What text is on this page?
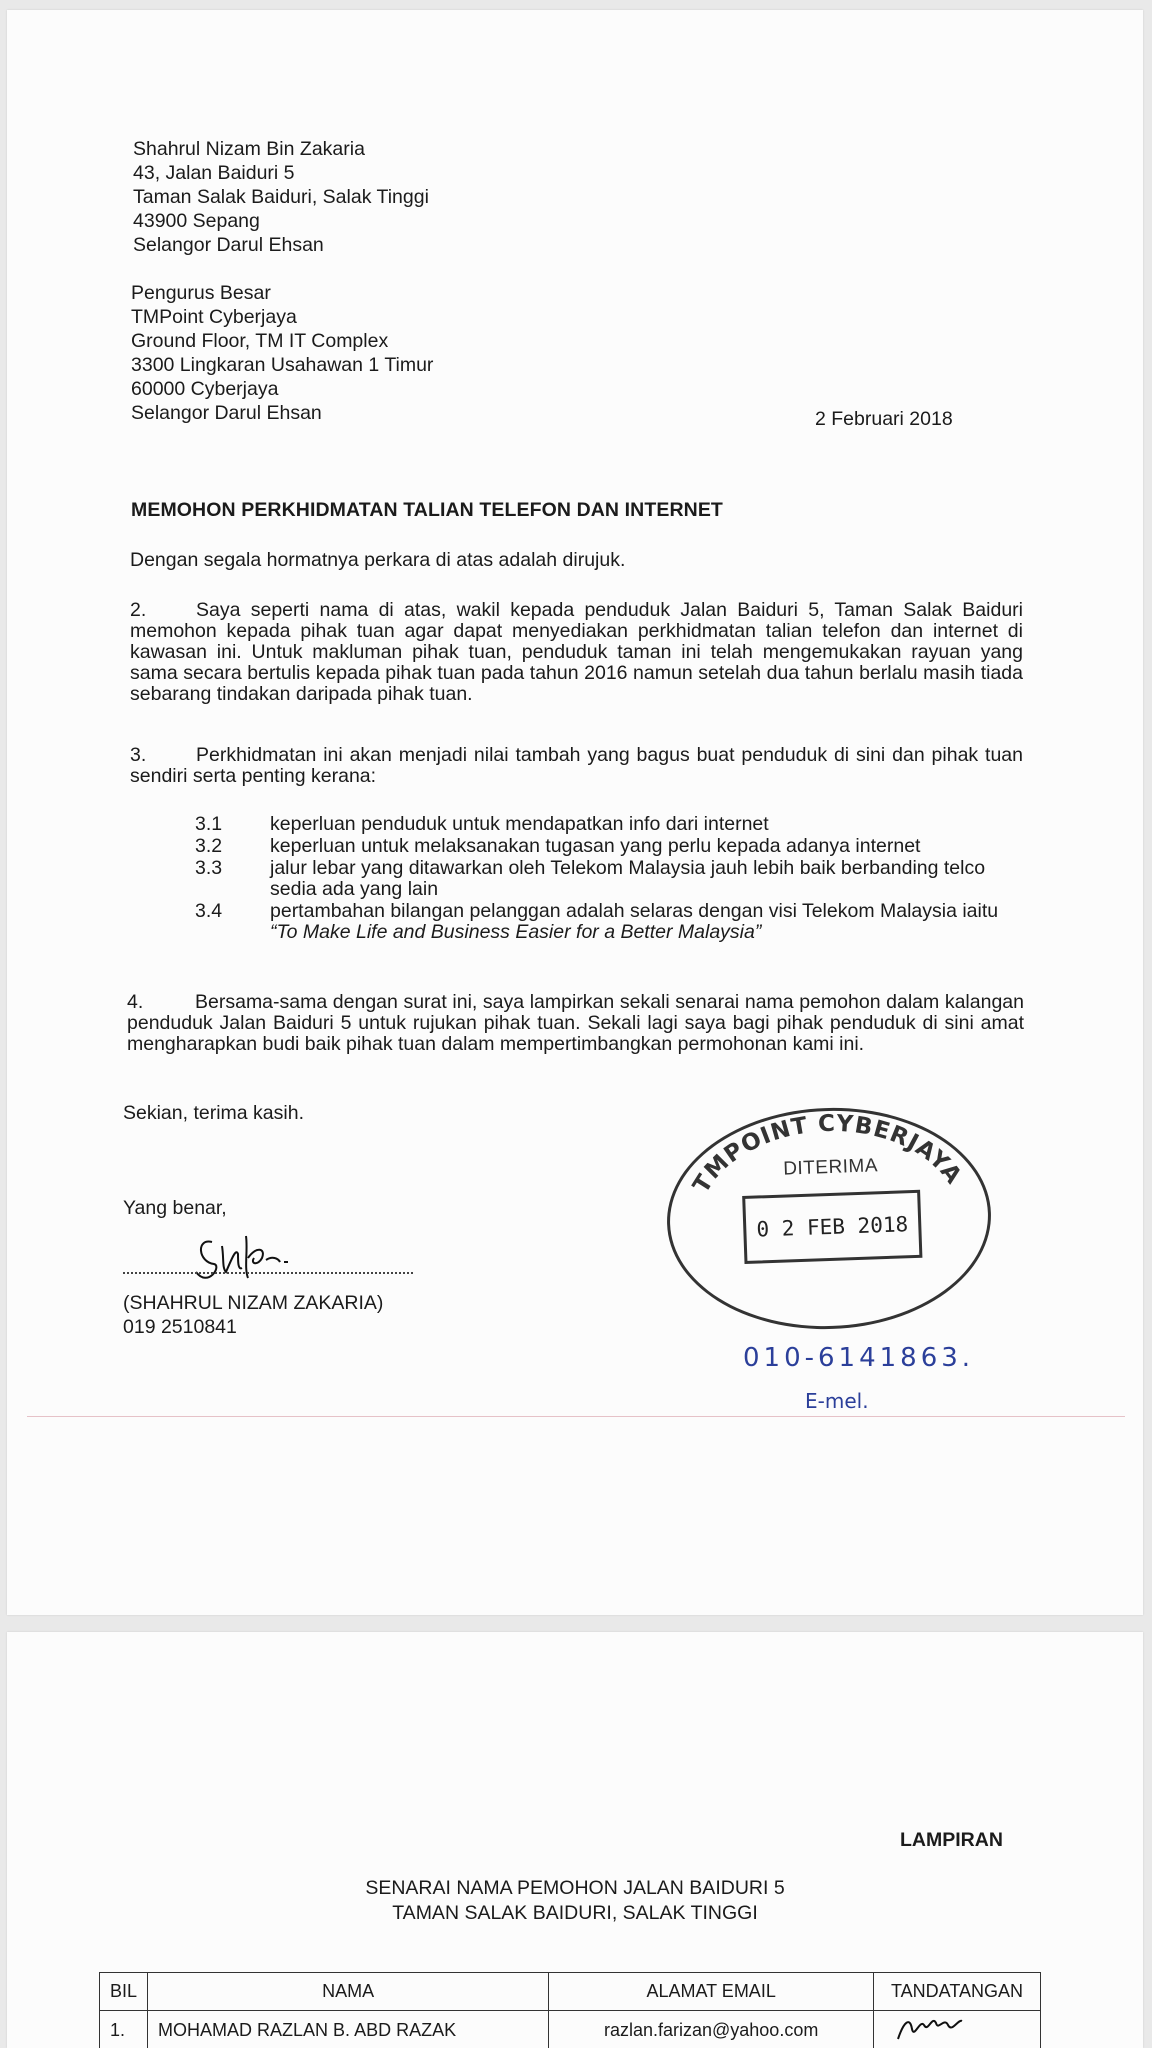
Shahrul Nizam Bin Zakaria
43, Jalan Baiduri 5
Taman Salak Baiduri, Salak Tinggi
43900 Sepang
Selangor Darul Ehsan
Pengurus Besar
TMPoint Cyberjaya
Ground Floor, TM IT Complex
3300 Lingkaran Usahawan 1 Timur
60000 Cyberjaya
Selangor Darul Ehsan	2 Februari 2018
MEMOHON PERKHIDMATAN TALIAN TELEFON DAN INTERNET
Dengan segala hormatnya perkara di atas adalah dirujuk.
2.	Saya seperti nama di atas, wakil kepada penduduk Jalan Baiduri 5, Taman Salak Baiduri memohon kepada pihak tuan agar dapat menyediakan perkhidmatan talian telefon dan internet di kawasan ini. Untuk makluman pihak tuan, penduduk taman ini telah mengemukakan rayuan yang sama secara bertulis kepada pihak tuan pada tahun 2016 namun setelah dua tahun berlalu masih tiada sebarang tindakan daripada pihak tuan.
3.	Perkhidmatan ini akan menjadi nilai tambah yang bagus buat penduduk di sini dan pihak tuan sendiri serta penting kerana:
3.1	keperluan penduduk untuk mendapatkan info dari internet
3.2	keperluan untuk melaksanakan tugasan yang perlu kepada adanya internet
3.3	jalur lebar yang ditawarkan oleh Telekom Malaysia jauh lebih baik berbanding telco sedia ada yang lain
3.4	pertambahan bilangan pelanggan adalah selaras dengan visi Telekom Malaysia iaitu “To Make Life and Business Easier for a Better Malaysia”
4.	Bersama-sama dengan surat ini, saya lampirkan sekali senarai nama pemohon dalam kalangan penduduk Jalan Baiduri 5 untuk rujukan pihak tuan. Sekali lagi saya bagi pihak penduduk di sini amat mengharapkan budi baik pihak tuan dalam mempertimbangkan permohonan kami ini.
Sekian, terima kasih.
Yang benar,
(SHAHRUL NIZAM ZAKARIA)
019 2510841
TMPOINT CYBERJAYA
DITERIMA
0 2 FEB 2018
010-6141863.
E-mel.
LAMPIRAN
SENARAI NAMA PEMOHON JALAN BAIDURI 5
TAMAN SALAK BAIDURI, SALAK TINGGI
BIL	NAMA	ALAMAT EMAIL	TANDATANGAN
1.	MOHAMAD RAZLAN B. ABD RAZAK	razlan.farizan@yahoo.com	
